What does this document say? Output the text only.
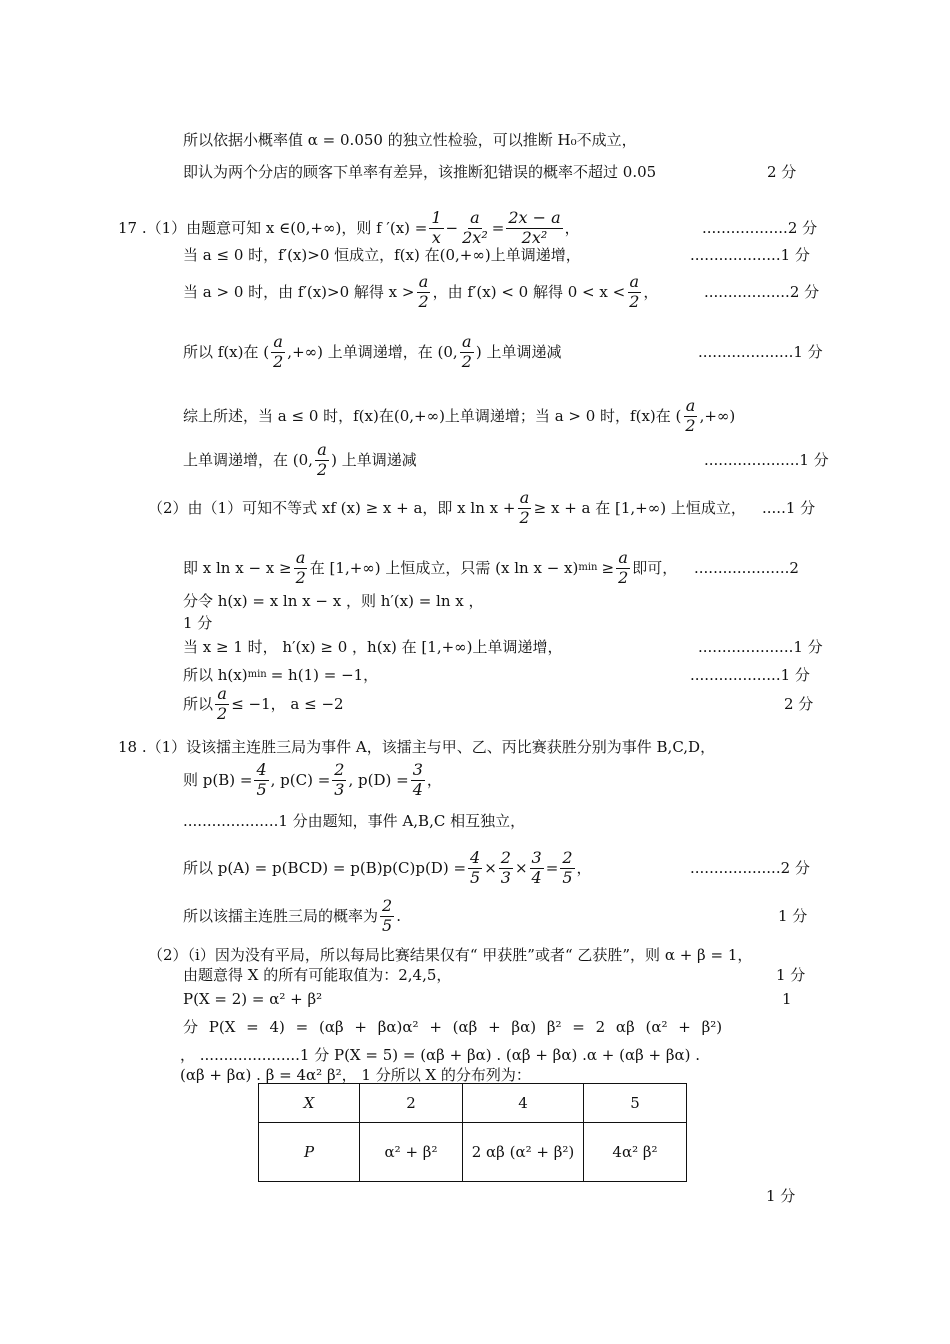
所以依据小概率值 α = 0.050 的独立性检验，可以推断 H₀不成立，
即认为两个分店的顾客下单率有差异，该推断犯错误的概率不超过 0.05	2 分
17 .（1）由题意可知 x ∈(0,+∞)，则 f $'(x) = \frac{1}{x} - \frac{a}{\text{2x²}} = \frac{2x - a}{\text{2x²}}$ ，	..................2 分
当 a ≤ 0 时，f′(x)>0 恒成立，f(x) 在(0,+∞)上单调递增，	...................1 分
当 a > 0 时，由 f′(x)>0 解得 $x > \frac{a}{2}$ ，由 f′(x) < 0 解得 $0 < x < \frac{a}{2}$ ，	..................2 分
所以 f(x)在 ( $\frac{a}{2}$ ,+∞) 上单调递增，在 (0, $\frac{a}{2}$ ) 上单调递减	....................1 分
综上所述，当 a ≤ 0 时，f(x)在(0,+∞)上单调递增；当 a > 0 时，f(x)在 ( $\frac{a}{2}$ ,+∞)
上单调递增，在 (0, $\frac{a}{2}$ ) 上单调递减	....................1 分
（2）由（1）可知不等式 xf (x) ≥ x + a，即 x $\ln x + \frac{a}{2} \ge x + a$ 在 [1,+∞) 上恒成立， .....1 分
即 x $\ln x - x \ge \frac{a}{2}$ 在 [1,+∞) 上恒成立，只需 (x ln x − x) $\min \ge \frac{a}{2}$ 即可， ....................2
分令 h(x) = x ln x − x ，则 h′(x) = ln x ，
1 分
当 x ≥ 1 时， h′(x) ≥ 0 ，h(x) 在 [1,+∞)上单调递增，	....................1 分
所以 h(x) min = h(1) = −1，	...................1 分
所以 $\frac{a}{2} \le -1$， a ≤ −2	2 分
18 .（1）设该擂主连胜三局为事件 A，该擂主与甲、乙、丙比赛获胜分别为事件 B,C,D，
则 $p(B) = \frac{4}{5}$ , $p(C) = \frac{2}{3}$ , $p(D) = \frac{3}{4}$ ，
....................1 分由题知，事件 A,B,C 相互独立，
所以 $p(A) = p(BCD) = p(B)p(C)p(D) = \frac{4}{5} \times \frac{2}{3} \times \frac{3}{4} = \frac{2}{5}$ ，	...................2 分
所以该擂主连胜三局的概率为 $\frac{2}{5}$ .	1 分
（2）（i）因为没有平局，所以每局比赛结果仅有“ 甲获胜”或者“ 乙获胜”，则 α + β = 1，
由题意得 X 的所有可能取值为：2,4,5，	1 分
P(X = 2) = α² + β²	1
分 P(X = 4) = (αβ + βα)α² + (αβ + βα) β² = 2 αβ (α² + β²)
， .....................1 分 P(X = 5) = (αβ + βα) . (αβ + βα) .α + (αβ + βα) .
(αβ + βα) . β = 4α² β²， 1 分所以 X 的分布列为：
X	2	4	5
P	α² + β²	2 αβ (α² + β²)	4α² β²
1 分
